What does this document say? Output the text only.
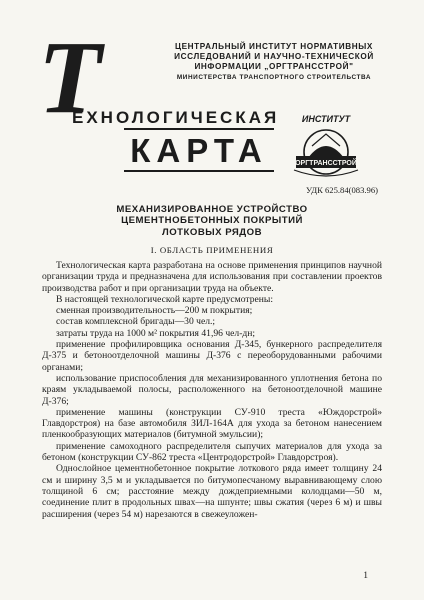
Т	ЦЕНТРАЛЬНЫЙ ИНСТИТУТ НОРМАТИВНЫХ
ИССЛЕДОВАНИЙ И НАУЧНО-ТЕХНИЧЕСКОЙ
ИНФОРМАЦИИ „ОРГТРАНССТРОЙ"
МИНИСТЕРСТВА ТРАНСПОРТНОГО СТРОИТЕЛЬСТВА
ЕХНОЛОГИЧЕСКАЯ
КАРТА
ИНСТИТУТ
ОРГТРАНССТРОЙ
УДК 625.84(083.96)
МЕХАНИЗИРОВАННОЕ УСТРОЙСТВО
ЦЕМЕНТНОБЕТОННЫХ ПОКРЫТИЙ
ЛОТКОВЫХ РЯДОВ
I. ОБЛАСТЬ ПРИМЕНЕНИЯ

Технологическая карта разработана на основе применения принципов научной организации труда и предназначена для использования при составлении проектов производства работ и при организации труда на объекте.

В настоящей технологической карте предусмотрены:

сменная производительность—200 м покрытия;

состав комплексной бригады—30 чел.;

затраты труда на 1000 м² покрытия 41,96 чел-дн;

применение профилировщика основания Д-345, бункерного распределителя Д-375 и бетоноотделочной машины Д-376 с переоборудованными рабочими органами;

использование приспособления для механизированного уплотнения бетона по краям укладываемой полосы, расположенного на бетоноотделочной машине Д-376;

применение машины (конструкции СУ-910 треста «Юждорстрой» Главдорстроя) на базе автомобиля ЗИЛ-164А для ухода за бетоном нанесением пленкообразующих материалов (битумной эмульсии);

применение самоходного распределителя сыпучих материалов для ухода за бетоном (конструкции СУ-862 треста «Центродорстрой» Главдорстроя).

Однослойное цементнобетонное покрытие лоткового ряда имеет толщину 24 см и ширину 3,5 м и укладывается по битумопесчаному выравнивающему слою толщиной 6 см; расстояние между дождеприемными колодцами—50 м, соединение плит в продольных швах—на шпунте; швы сжатия (через 6 м) и швы расширения (через 54 м) нарезаются в свежеуложен-

1
